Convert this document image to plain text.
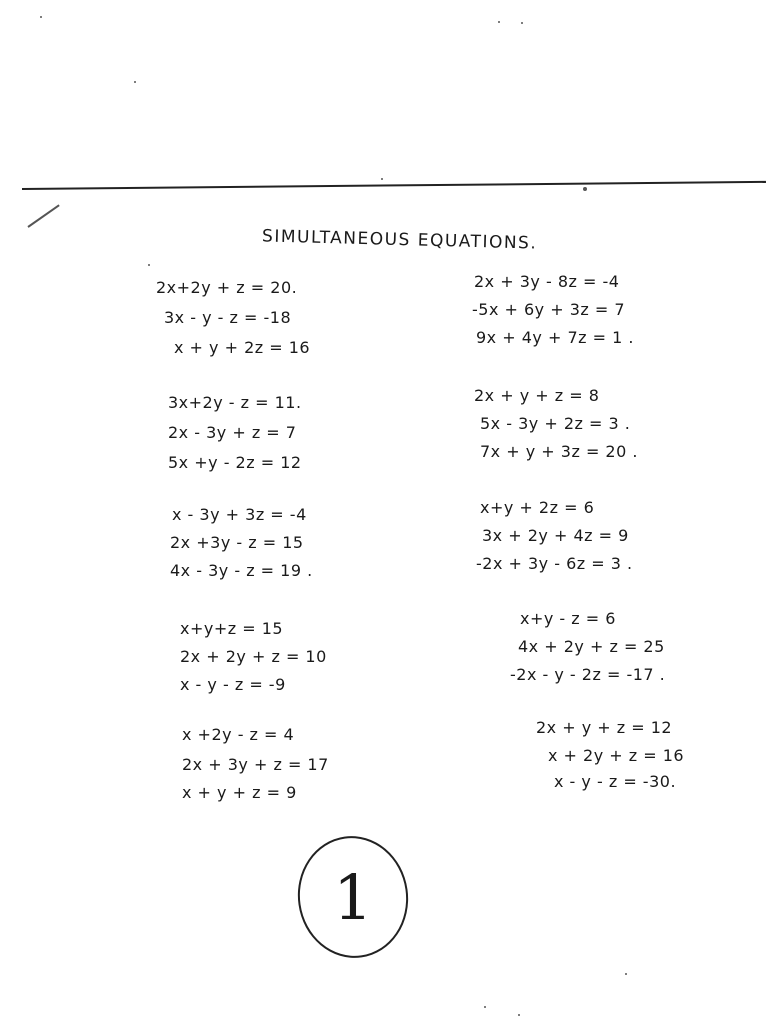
SIMULTANEOUS EQUATIONS.
2x+2y + z = 20.
3x - y - z = -18
x + y + 2z = 16
3x+2y - z = 11.
2x - 3y + z = 7
5x +y - 2z = 12
x - 3y + 3z = -4
2x +3y - z = 15
4x - 3y - z = 19 .
x+y+z = 15
2x + 2y + z = 10
x - y - z = -9
x +2y - z = 4
2x + 3y + z = 17
x + y + z = 9
2x + 3y - 8z = -4
-5x + 6y + 3z = 7
9x + 4y + 7z = 1 .
2x + y + z = 8
5x - 3y + 2z = 3 .
7x + y + 3z = 20 .
x+y + 2z = 6
3x + 2y + 4z = 9
-2x + 3y - 6z = 3 .
x+y - z = 6
4x + 2y + z = 25
-2x - y - 2z = -17 .
2x + y + z = 12
x + 2y + z = 16
x - y - z = -30.
1
